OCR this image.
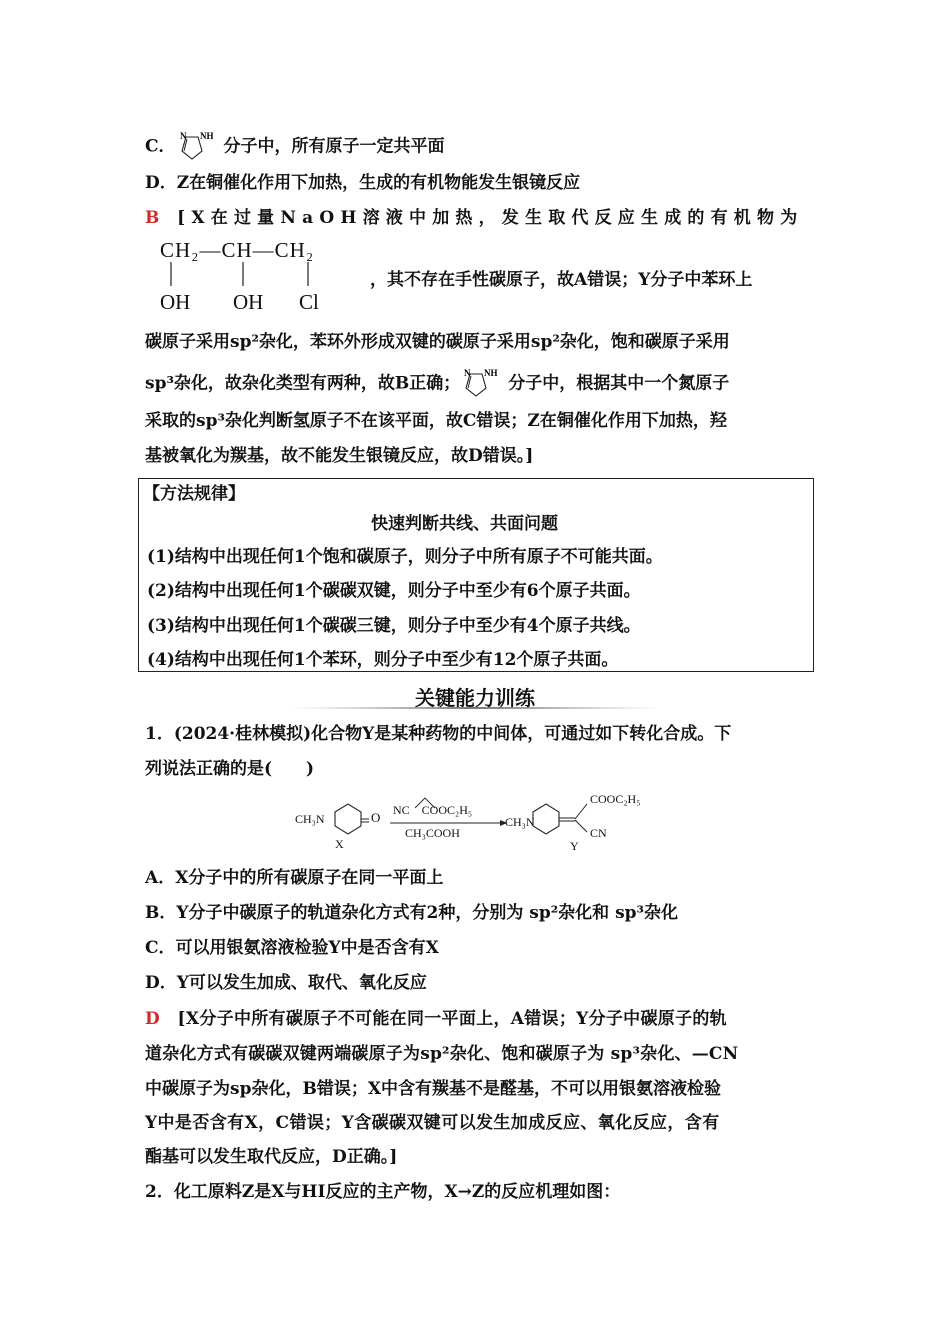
C．
N NH
分子中，所有原子一定共平面
D．Z在铜催化作用下加热，生成的有机物能发生银镜反应
B [X在过量NaOH溶液中加热，发生取代反应生成的有机物为
CH₂—CH—CH₂
OH OH Cl
，其不存在手性碳原子，故A错误；Y分子中苯环上
碳原子采用sp²杂化，苯环外形成双键的碳原子采用sp²杂化，饱和碳原子采用
sp³杂化，故杂化类型有两种，故B正确；
N NH
分子中，根据其中一个氮原子
采取的sp³杂化判断氢原子不在该平面，故C错误；Z在铜催化作用下加热，羟
基被氧化为羰基，故不能发生银镜反应，故D错误。]
【方法规律】
快速判断共线、共面问题
(1)结构中出现任何1个饱和碳原子，则分子中所有原子不可能共面。
(2)结构中出现任何1个碳碳双键，则分子中至少有6个原子共面。
(3)结构中出现任何1个碳碳三键，则分子中至少有4个原子共线。
(4)结构中出现任何1个苯环，则分子中至少有12个原子共面。
关键能力训练
1．(2024·桂林模拟)化合物Y是某种药物的中间体，可通过如下转化合成。下
列说法正确的是(　　)
CH₃N	O
X
NC    COOC₂H₅
CH₃COOH
CH₃N
COOC₂H₅
CN
Y
A．X分子中的所有碳原子在同一平面上
B．Y分子中碳原子的轨道杂化方式有2种，分别为 sp²杂化和 sp³杂化
C．可以用银氨溶液检验Y中是否含有X
D．Y可以发生加成、取代、氧化反应
D [X分子中所有碳原子不可能在同一平面上，A错误；Y分子中碳原子的轨
道杂化方式有碳碳双键两端碳原子为sp²杂化、饱和碳原子为 sp³杂化、—CN
中碳原子为sp杂化，B错误；X中含有羰基不是醛基，不可以用银氨溶液检验
Y中是否含有X，C错误；Y含碳碳双键可以发生加成反应、氧化反应，含有
酯基可以发生取代反应，D正确。]
2．化工原料Z是X与HI反应的主产物，X→Z的反应机理如图：
